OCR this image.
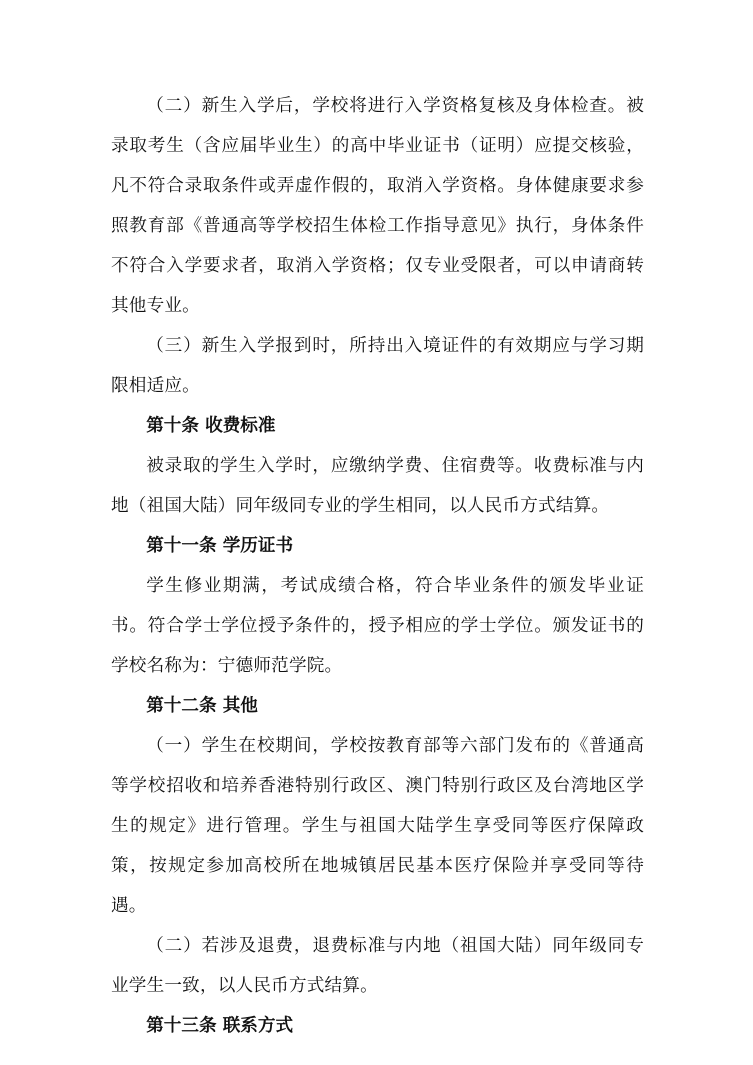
（二）新生入学后，学校将进行入学资格复核及身体检查。被录取考生（含应届毕业生）的高中毕业证书（证明）应提交核验，凡不符合录取条件或弄虚作假的，取消入学资格。身体健康要求参照教育部《普通高等学校招生体检工作指导意见》执行，身体条件不符合入学要求者，取消入学资格；仅专业受限者，可以申请商转其他专业。

（三）新生入学报到时，所持出入境证件的有效期应与学习期限相适应。

第十条 收费标准

被录取的学生入学时，应缴纳学费、住宿费等。收费标准与内地（祖国大陆）同年级同专业的学生相同，以人民币方式结算。

第十一条 学历证书

学生修业期满，考试成绩合格，符合毕业条件的颁发毕业证书。符合学士学位授予条件的，授予相应的学士学位。颁发证书的学校名称为：宁德师范学院。

第十二条 其他

（一）学生在校期间，学校按教育部等六部门发布的《普通高等学校招收和培养香港特别行政区、澳门特别行政区及台湾地区学生的规定》进行管理。学生与祖国大陆学生享受同等医疗保障政策，按规定参加高校所在地城镇居民基本医疗保险并享受同等待遇。

（二）若涉及退费，退费标准与内地（祖国大陆）同年级同专业学生一致，以人民币方式结算。

第十三条 联系方式
